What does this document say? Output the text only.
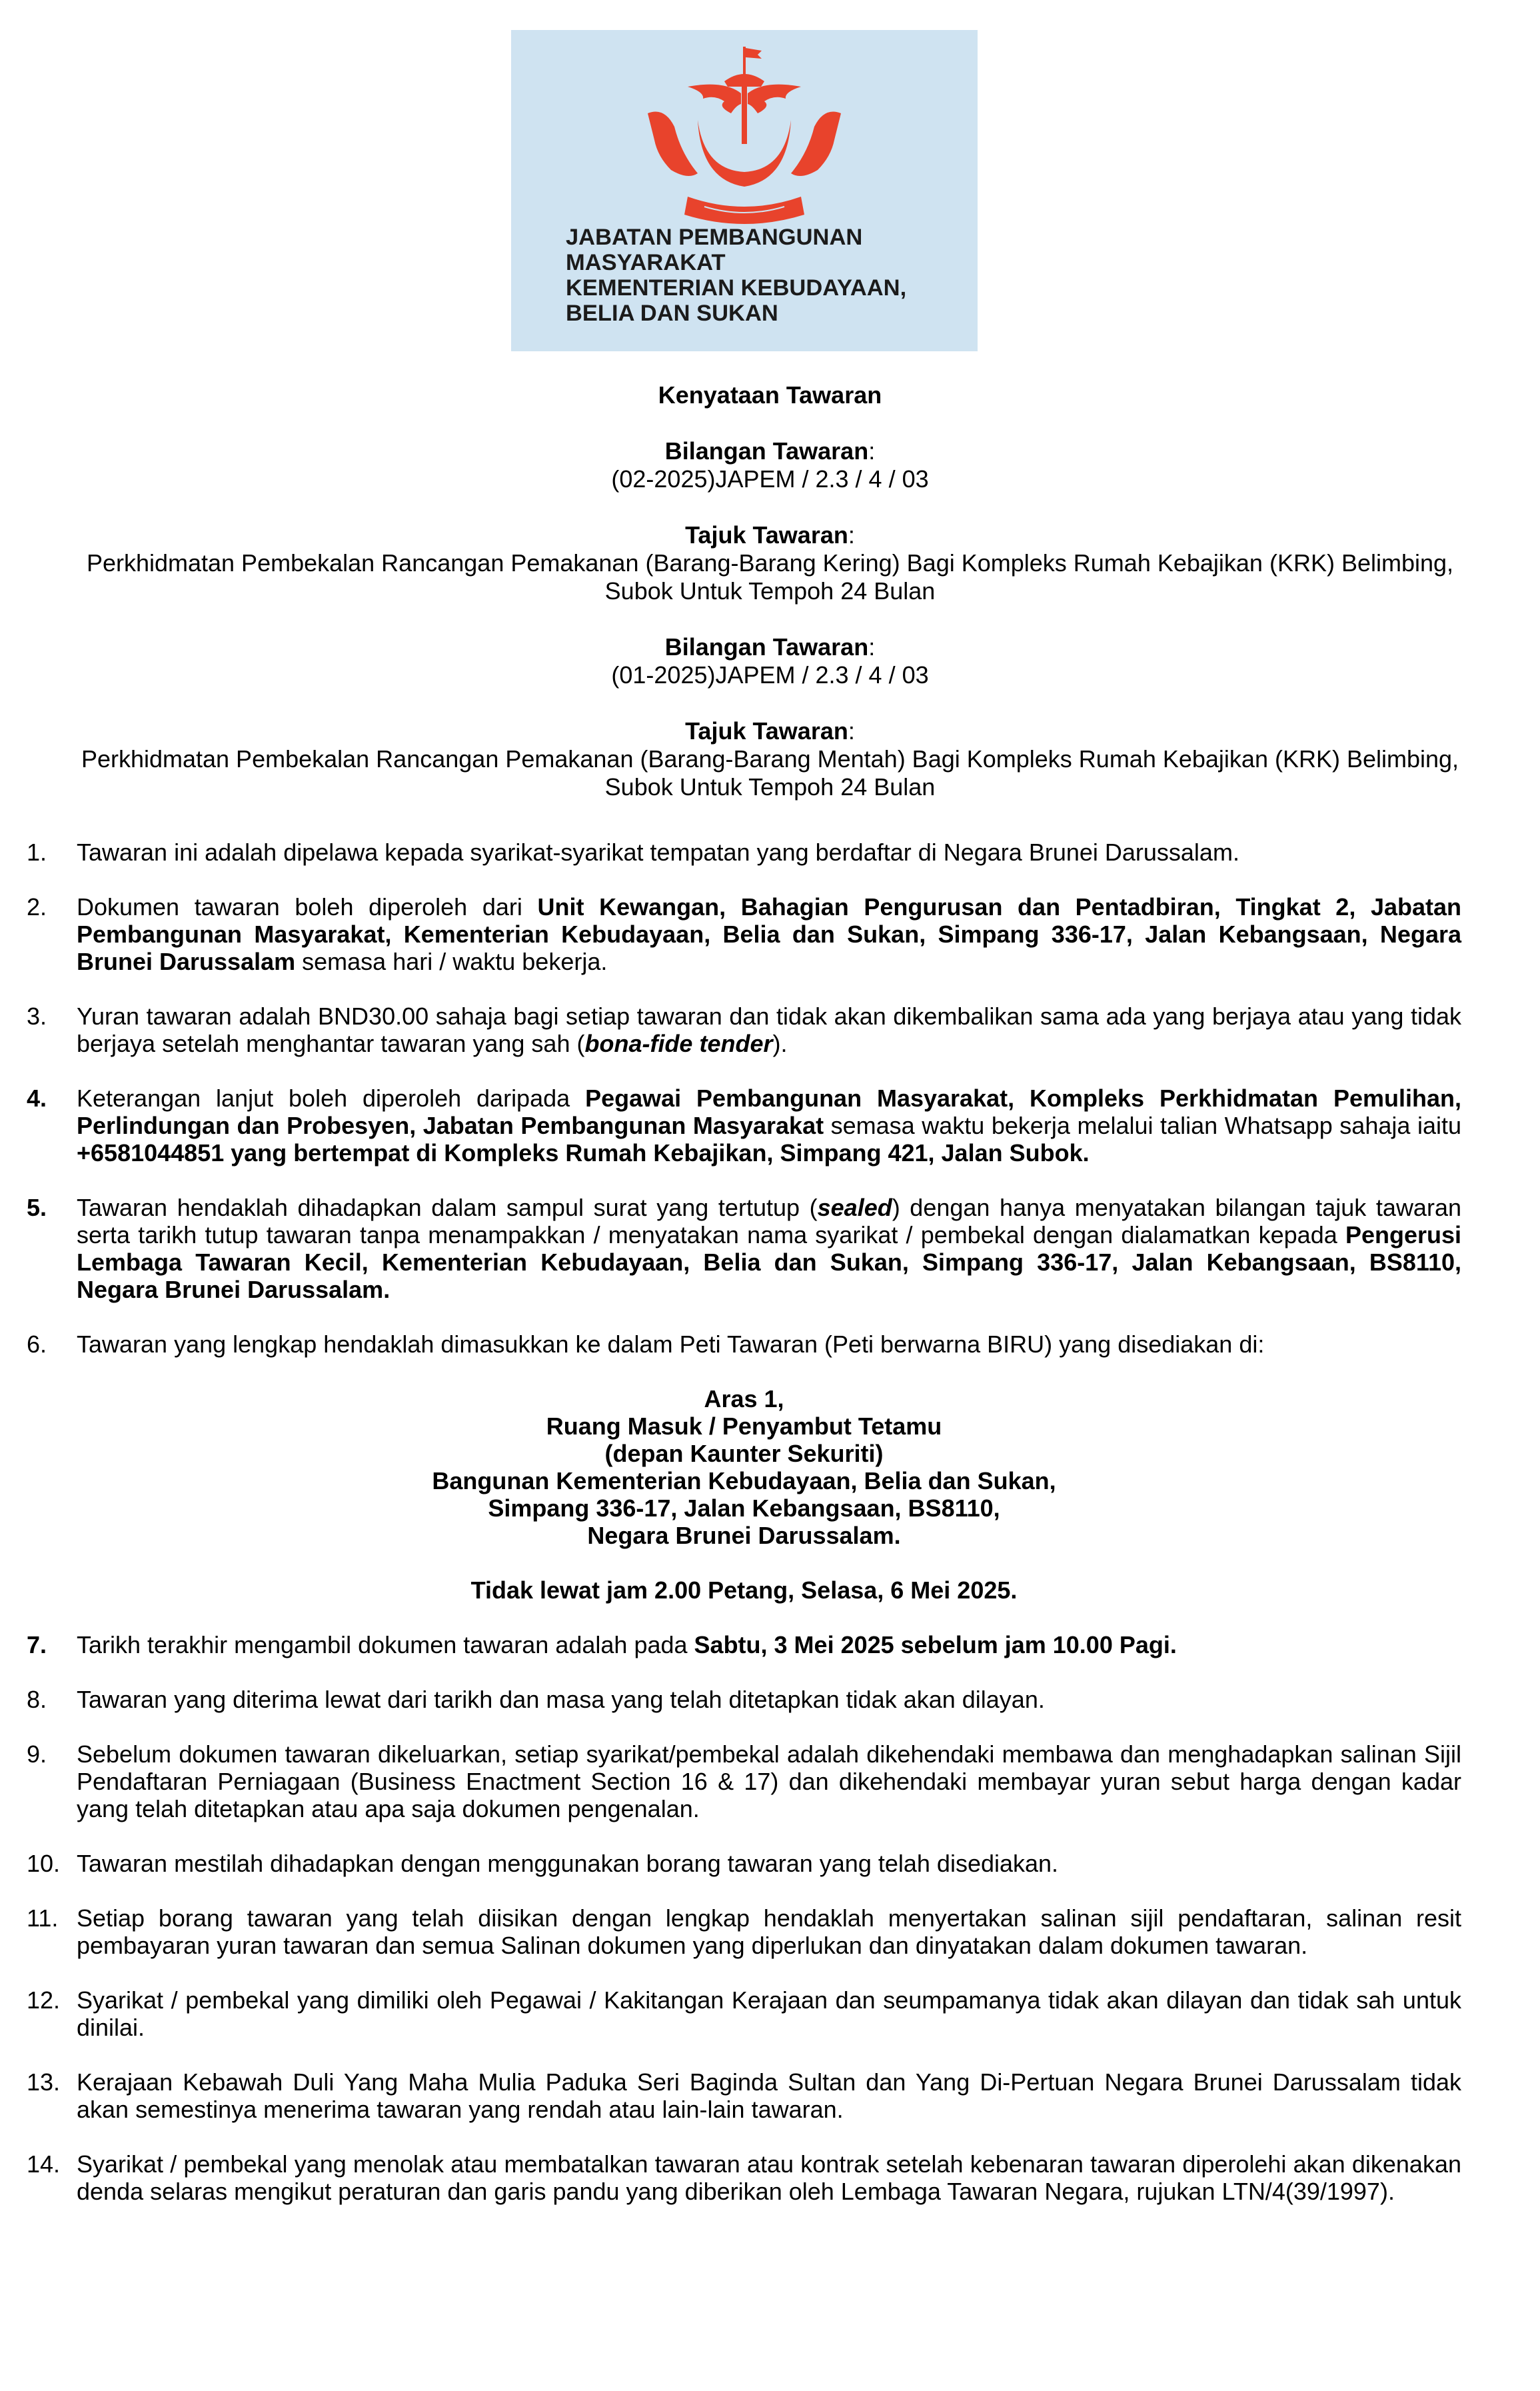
JABATAN PEMBANGUNAN
MASYARAKAT
KEMENTERIAN KEBUDAYAAN,
BELIA DAN SUKAN
Kenyataan Tawaran
Bilangan Tawaran:
(02-2025)JAPEM / 2.3 / 4 / 03
Tajuk Tawaran:
Perkhidmatan Pembekalan Rancangan Pemakanan (Barang-Barang Kering) Bagi Kompleks Rumah Kebajikan (KRK) Belimbing,
Subok Untuk Tempoh 24 Bulan
Bilangan Tawaran:
(01-2025)JAPEM / 2.3 / 4 / 03
Tajuk Tawaran:
Perkhidmatan Pembekalan Rancangan Pemakanan (Barang-Barang Mentah) Bagi Kompleks Rumah Kebajikan (KRK) Belimbing,
Subok Untuk Tempoh 24 Bulan
1. Tawaran ini adalah dipelawa kepada syarikat-syarikat tempatan yang berdaftar di Negara Brunei Darussalam.
2. Dokumen tawaran boleh diperoleh dari Unit Kewangan, Bahagian Pengurusan dan Pentadbiran, Tingkat 2, Jabatan Pembangunan Masyarakat, Kementerian Kebudayaan, Belia dan Sukan, Simpang 336-17, Jalan Kebangsaan, Negara Brunei Darussalam semasa hari / waktu bekerja.
3. Yuran tawaran adalah BND30.00 sahaja bagi setiap tawaran dan tidak akan dikembalikan sama ada yang berjaya atau yang tidak berjaya setelah menghantar tawaran yang sah (bona-fide tender).
4. Keterangan lanjut boleh diperoleh daripada Pegawai Pembangunan Masyarakat, Kompleks Perkhidmatan Pemulihan, Perlindungan dan Probesyen, Jabatan Pembangunan Masyarakat semasa waktu bekerja melalui talian Whatsapp sahaja iaitu +6581044851 yang bertempat di Kompleks Rumah Kebajikan, Simpang 421, Jalan Subok.
5. Tawaran hendaklah dihadapkan dalam sampul surat yang tertutup (sealed) dengan hanya menyatakan bilangan tajuk tawaran serta tarikh tutup tawaran tanpa menampakkan / menyatakan nama syarikat / pembekal dengan dialamatkan kepada Pengerusi Lembaga Tawaran Kecil, Kementerian Kebudayaan, Belia dan Sukan, Simpang 336-17, Jalan Kebangsaan, BS8110, Negara Brunei Darussalam.
6. Tawaran yang lengkap hendaklah dimasukkan ke dalam Peti Tawaran (Peti berwarna BIRU) yang disediakan di:
Aras 1,
Ruang Masuk / Penyambut Tetamu
(depan Kaunter Sekuriti)
Bangunan Kementerian Kebudayaan, Belia dan Sukan,
Simpang 336-17, Jalan Kebangsaan, BS8110,
Negara Brunei Darussalam.
Tidak lewat jam 2.00 Petang, Selasa, 6 Mei 2025.
7. Tarikh terakhir mengambil dokumen tawaran adalah pada Sabtu, 3 Mei 2025 sebelum jam 10.00 Pagi.
8. Tawaran yang diterima lewat dari tarikh dan masa yang telah ditetapkan tidak akan dilayan.
9. Sebelum dokumen tawaran dikeluarkan, setiap syarikat/pembekal adalah dikehendaki membawa dan menghadapkan salinan Sijil Pendaftaran Perniagaan (Business Enactment Section 16 & 17) dan dikehendaki membayar yuran sebut harga dengan kadar yang telah ditetapkan atau apa saja dokumen pengenalan.
10. Tawaran mestilah dihadapkan dengan menggunakan borang tawaran yang telah disediakan.
11. Setiap borang tawaran yang telah diisikan dengan lengkap hendaklah menyertakan salinan sijil pendaftaran, salinan resit pembayaran yuran tawaran dan semua Salinan dokumen yang diperlukan dan dinyatakan dalam dokumen tawaran.
12. Syarikat / pembekal yang dimiliki oleh Pegawai / Kakitangan Kerajaan dan seumpamanya tidak akan dilayan dan tidak sah untuk dinilai.
13. Kerajaan Kebawah Duli Yang Maha Mulia Paduka Seri Baginda Sultan dan Yang Di-Pertuan Negara Brunei Darussalam tidak akan semestinya menerima tawaran yang rendah atau lain-lain tawaran.
14. Syarikat / pembekal yang menolak atau membatalkan tawaran atau kontrak setelah kebenaran tawaran diperolehi akan dikenakan denda selaras mengikut peraturan dan garis pandu yang diberikan oleh Lembaga Tawaran Negara, rujukan LTN/4(39/1997).
